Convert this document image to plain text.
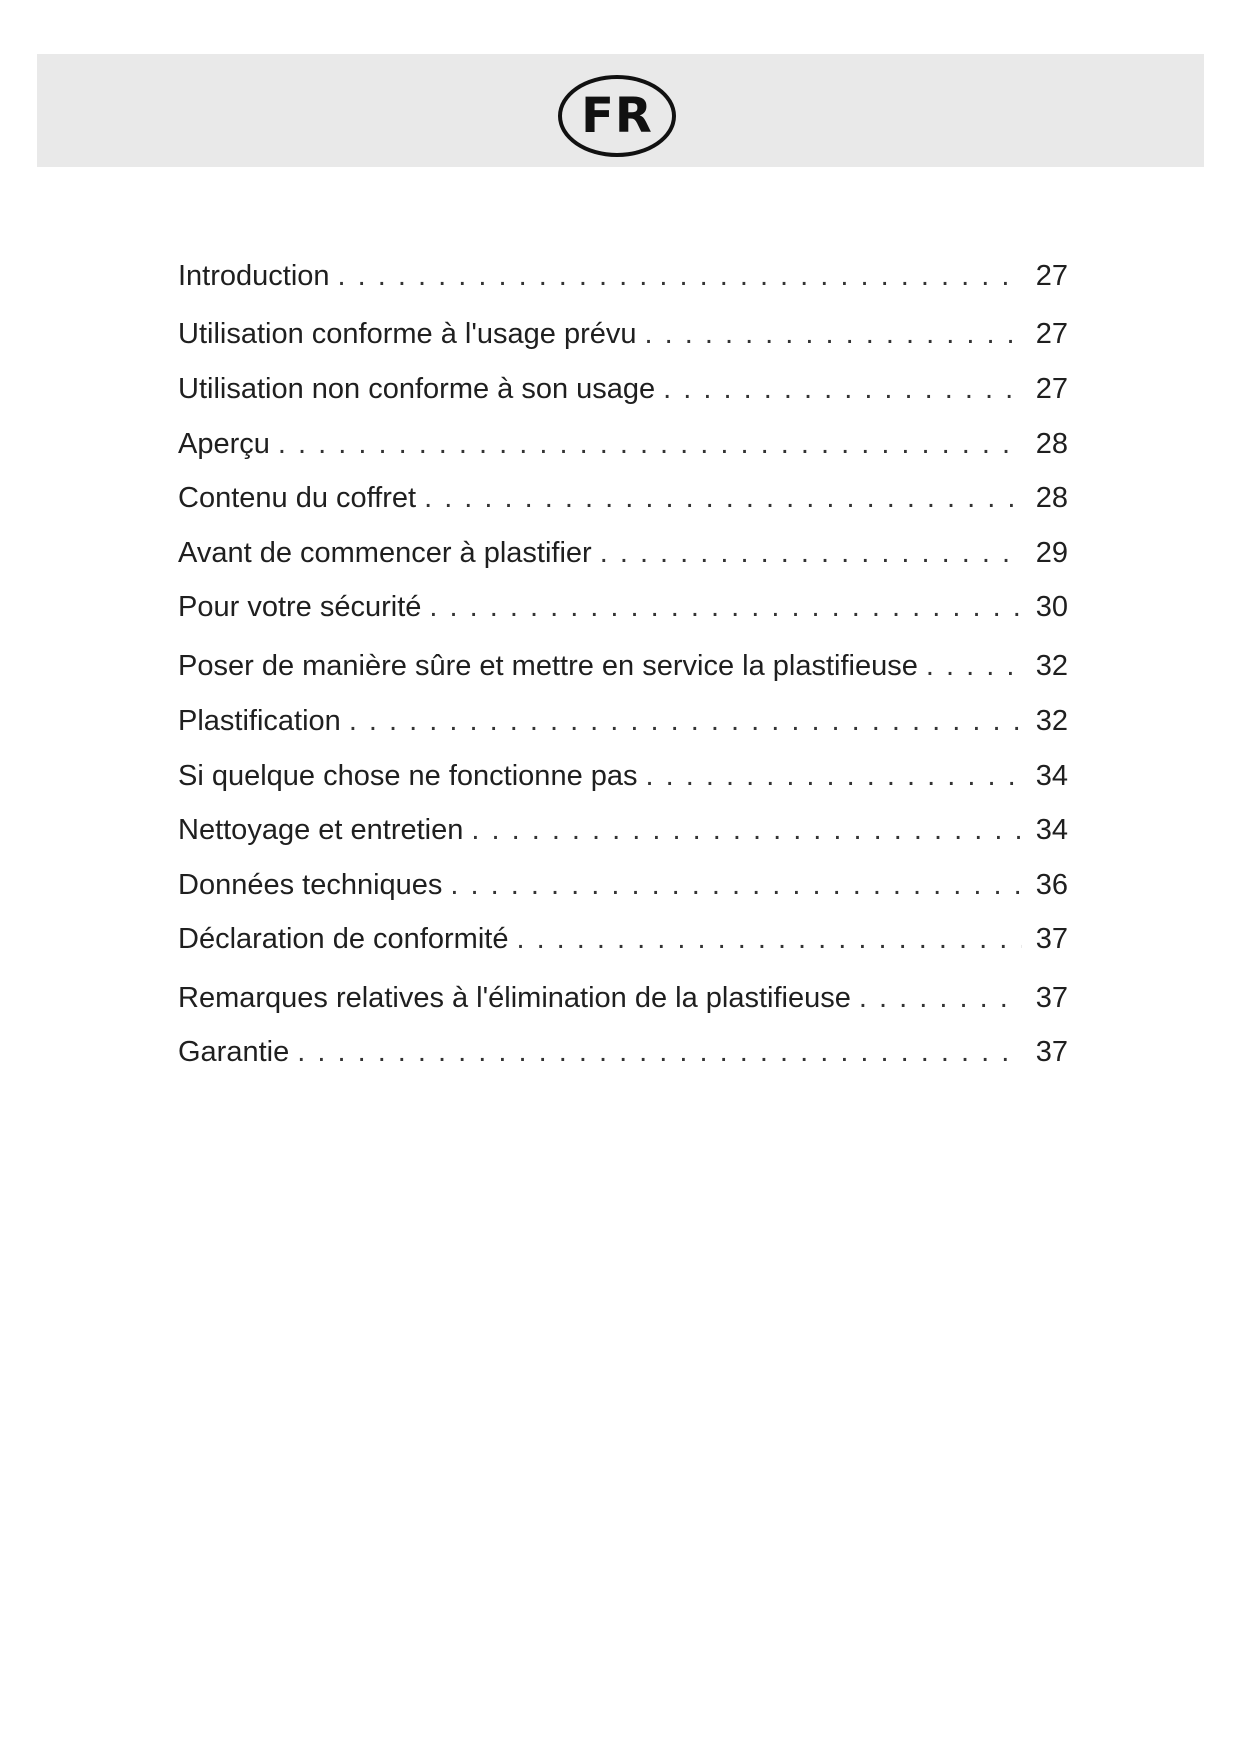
FR
Introduction . . .	27
Utilisation conforme à l'usage prévu . . .	27
Utilisation non conforme à son usage . . .	27
Aperçu . . .	28
Contenu du coffret . . .	28
Avant de commencer à plastifier . . .	29
Pour votre sécurité . . .	30
Poser de manière sûre et mettre en service la plastifieuse . . .	32
Plastification . . .	32
Si quelque chose ne fonctionne pas . . .	34
Nettoyage et entretien . . .	34
Données techniques . . .	36
Déclaration de conformité . . .	37
Remarques relatives à l'élimination de la plastifieuse . . .	37
Garantie . . .	37
